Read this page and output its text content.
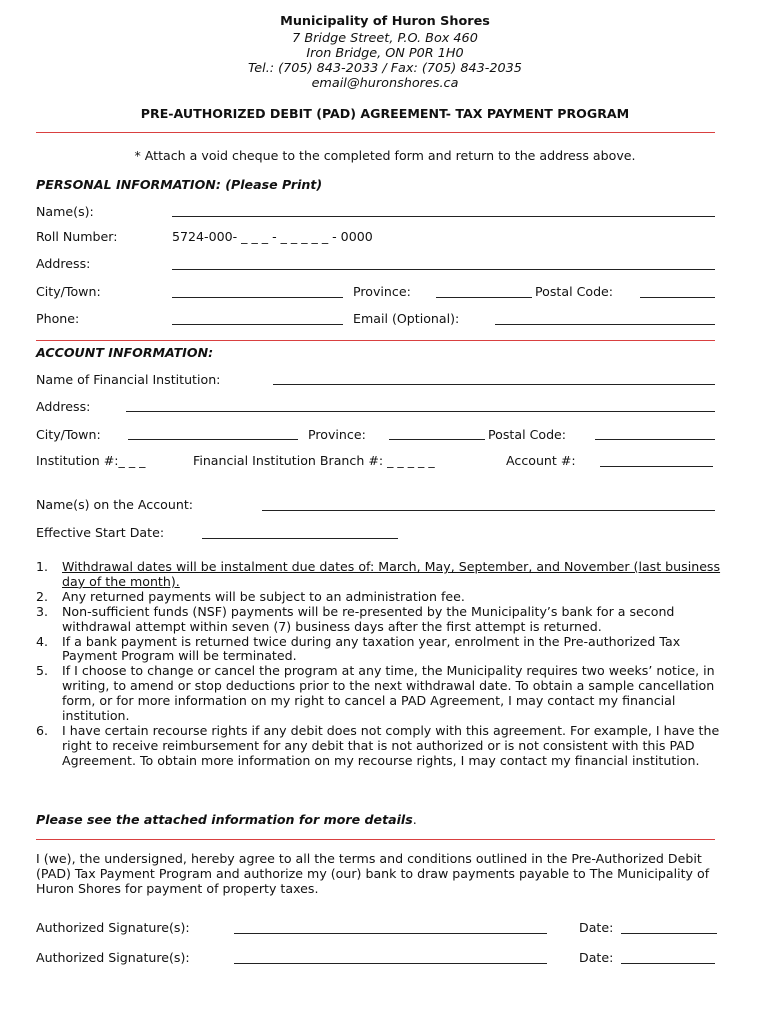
Municipality of Huron Shores
7 Bridge Street, P.O. Box 460
Iron Bridge, ON P0R 1H0
Tel.: (705) 843-2033 / Fax: (705) 843-2035
email@huronshores.ca
PRE-AUTHORIZED DEBIT (PAD) AGREEMENT- TAX PAYMENT PROGRAM
* Attach a void cheque to the completed form and return to the address above.
PERSONAL INFORMATION: (Please Print)
Name(s):
Roll Number:	5724-000- _ _ _ - _ _ _ _ _ - 0000
Address:
City/Town:	Province:	Postal Code:
Phone:	Email (Optional):
ACCOUNT INFORMATION:
Name of Financial Institution:
Address:
City/Town:	Province:	Postal Code:
Institution #:_ _ _	Financial Institution Branch #: _ _ _ _ _	Account #:
Name(s) on the Account:
Effective Start Date:
1. Withdrawal dates will be instalment due dates of: March, May, September, and November (last business day of the month).
2. Any returned payments will be subject to an administration fee.
3. Non-sufficient funds (NSF) payments will be re-presented by the Municipality’s bank for a second withdrawal attempt within seven (7) business days after the first attempt is returned.
4. If a bank payment is returned twice during any taxation year, enrolment in the Pre-authorized Tax Payment Program will be terminated.
5. If I choose to change or cancel the program at any time, the Municipality requires two weeks’ notice, in writing, to amend or stop deductions prior to the next withdrawal date. To obtain a sample cancellation form, or for more information on my right to cancel a PAD Agreement, I may contact my financial institution.
6. I have certain recourse rights if any debit does not comply with this agreement. For example, I have the right to receive reimbursement for any debit that is not authorized or is not consistent with this PAD Agreement. To obtain more information on my recourse rights, I may contact my financial institution.
Please see the attached information for more details.
I (we), the undersigned, hereby agree to all the terms and conditions outlined in the Pre-Authorized Debit (PAD) Tax Payment Program and authorize my (our) bank to draw payments payable to The Municipality of Huron Shores for payment of property taxes.
Authorized Signature(s):	Date:
Authorized Signature(s):	Date:
